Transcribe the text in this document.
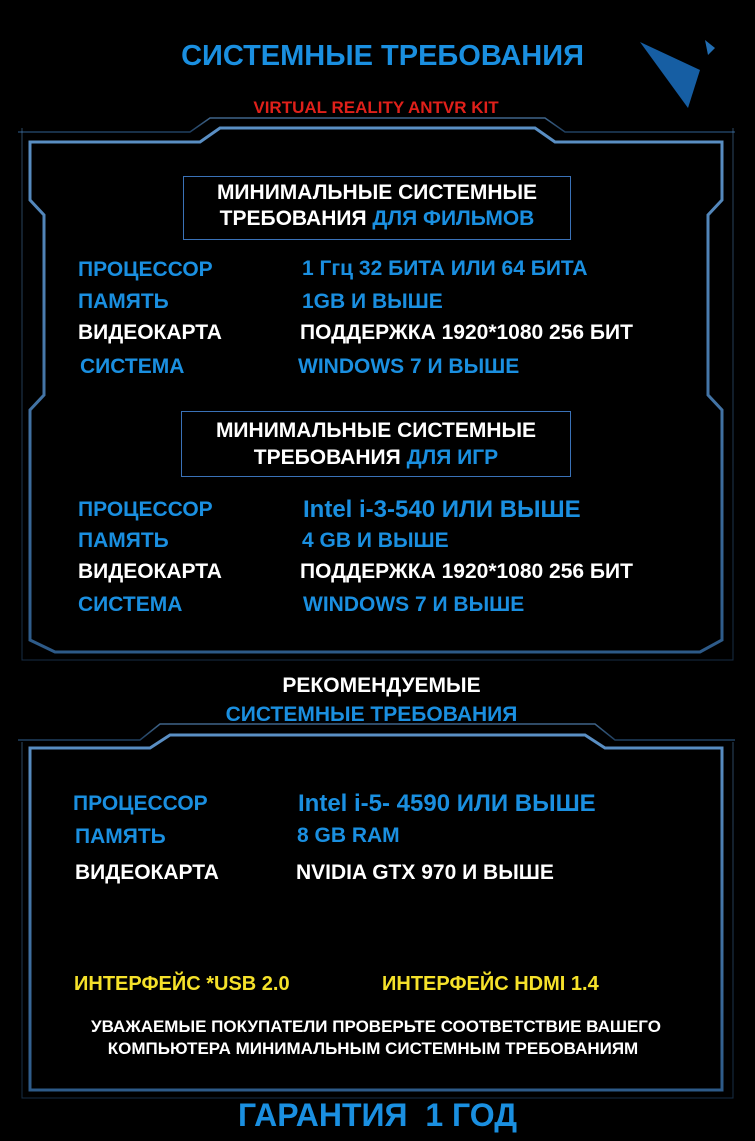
СИСТЕМНЫЕ ТРЕБОВАНИЯ
VIRTUAL REALITY ANTVR KIT
МИНИМАЛЬНЫЕ СИСТЕМНЫЕ
ТРЕБОВАНИЯ ДЛЯ ФИЛЬМОВ
ПРОЦЕССОР	1 Ггц 32 БИТА ИЛИ 64 БИТА
ПАМЯТЬ	1GB И ВЫШЕ
ВИДЕОКАРТА	ПОДДЕРЖКА 1920*1080 256 БИТ
СИСТЕМА	WINDOWS 7 И ВЫШЕ
МИНИМАЛЬНЫЕ СИСТЕМНЫЕ
ТРЕБОВАНИЯ ДЛЯ ИГР
ПРОЦЕССОР	Intel i-3-540 ИЛИ ВЫШЕ
ПАМЯТЬ	4 GB И ВЫШЕ
ВИДЕОКАРТА	ПОДДЕРЖКА 1920*1080 256 БИТ
СИСТЕМА	WINDOWS 7 И ВЫШЕ
РЕКОМЕНДУЕМЫЕ
СИСТЕМНЫЕ ТРЕБОВАНИЯ
ПРОЦЕССОР	Intel i-5- 4590 ИЛИ ВЫШЕ
ПАМЯТЬ	8 GB RAM
ВИДЕОКАРТА	NVIDIA GTX 970 И ВЫШЕ
ИНТЕРФЕЙС *USB 2.0	ИНТЕРФЕЙС HDMI 1.4
УВАЖАЕМЫЕ ПОКУПАТЕЛИ ПРОВЕРЬТЕ СООТВЕТСТВИЕ ВАШЕГО
КОМПЬЮТЕРА МИНИМАЛЬНЫМ СИСТЕМНЫМ ТРЕБОВАНИЯМ
ГАРАНТИЯ  1 ГОД
